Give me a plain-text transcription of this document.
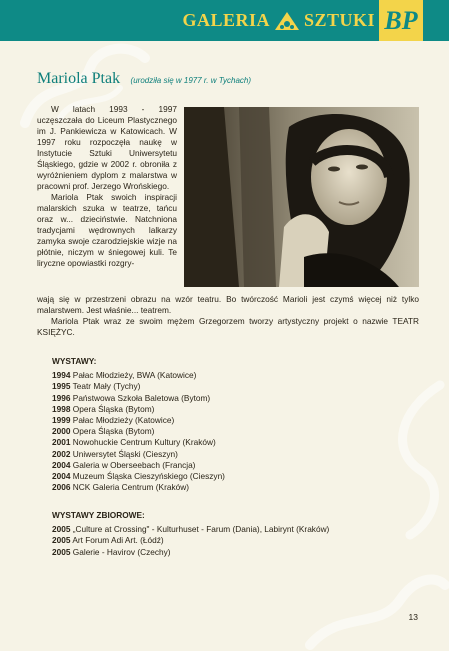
GALERIA SZTUKI BP
Mariola Ptak (urodziła się w 1977 r. w Tychach)

W latach 1993 - 1997 uczęszczała do Liceum Plastycznego im J. Pankiewicza w Katowicach. W 1997 roku rozpoczęła naukę w Instytucie Sztuki Uniwersytetu Śląskiego, gdzie w 2002 r. obroniła z wyróżnieniem dyplom z malarstwa w pracowni prof. Jerzego Wrońskiego.

Mariola Ptak swoich inspiracji malarskich szuka w teatrze, tańcu oraz w... dzieciństwie. Natchniona tradycjami wędrownych lalkarzy zamyka swoje czarodziejskie wizje na płótnie, niczym w śniegowej kuli. Te liryczne opowiastki rozgry-

wają się w przestrzeni obrazu na wzór teatru. Bo twórczość Marioli jest czymś więcej niż tylko malarstwem. Jest właśnie... teatrem.

Mariola Ptak wraz ze swoim mężem Grzegorzem tworzy artystyczny projekt o nazwie TEATR KSIĘŻYC.

WYSTAWY:
1994 Pałac Młodzieży, BWA (Katowice)
1995 Teatr Mały (Tychy)
1996 Państwowa Szkoła Baletowa (Bytom)
1998 Opera Śląska (Bytom)
1999 Pałac Młodzieży (Katowice)
2000 Opera Śląska (Bytom)
2001 Nowohuckie Centrum Kultury (Kraków)
2002 Uniwersytet Śląski (Cieszyn)
2004 Galeria w Oberseebach (Francja)
2004 Muzeum Śląska Cieszyńskiego (Cieszyn)
2006 NCK Galeria Centrum (Kraków)
WYSTAWY ZBIOROWE:
2005 „Culture at Crossing" - Kulturhuset - Farum (Dania), Labirynt (Kraków)
2005 Art Forum Adi Art. (Łódź)
2005 Galerie - Havirov (Czechy)
13
